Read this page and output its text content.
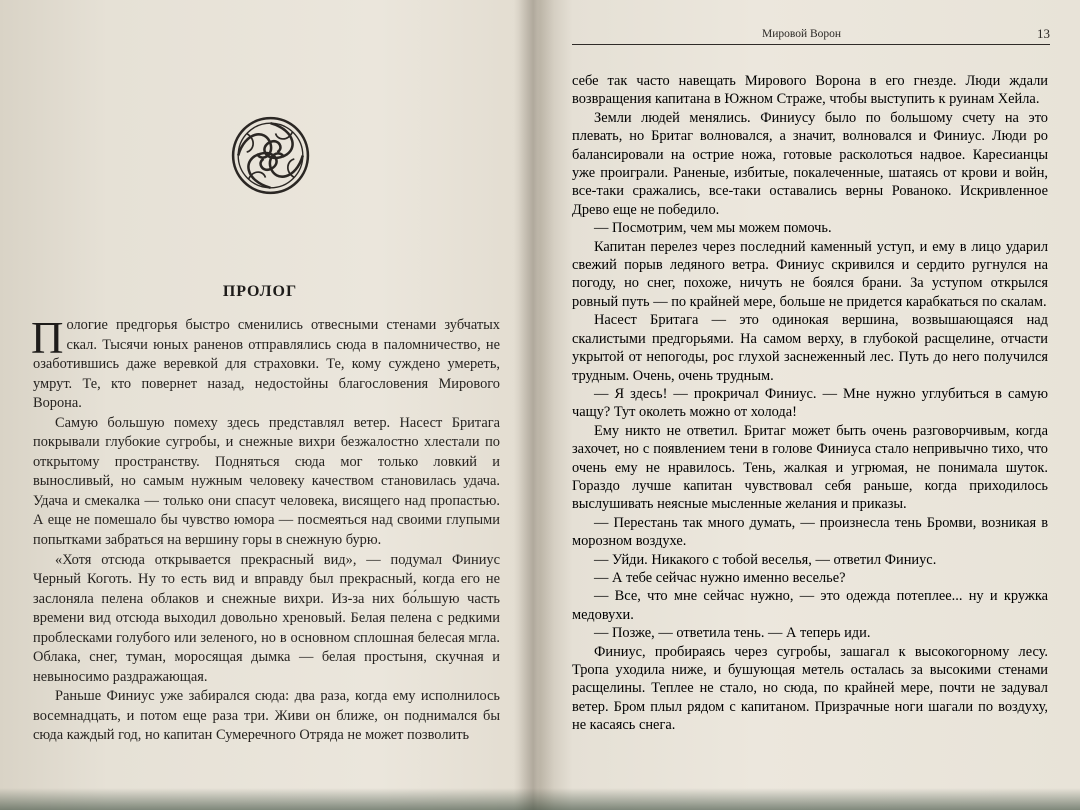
ПРОЛОГ

Пологие предгорья быстро сменились отвесными стенами зубчатых скал. Тысячи юных раненов отправлялись сюда в паломничество, не озаботившись даже веревкой для страховки. Те, кому суждено умереть, умрут. Те, кто повернет назад, недостойны благословения Мирового Ворона.

Самую большую помеху здесь представлял ветер. Насест Бритага покрывали глубокие сугробы, и снежные вихри безжалостно хлестали по открытому пространству. Подняться сюда мог только ловкий и выносливый, но самым нужным человеку качеством становилась удача. Удача и смекалка — только они спасут человека, висящего над пропастью. А еще не помешало бы чувство юмора — посмеяться над своими глупыми попытками забраться на вершину горы в снежную бурю.

«Хотя отсюда открывается прекрасный вид», — подумал Финиус Черный Коготь. Ну то есть вид и вправду был прекрасный, когда его не заслоняла пелена облаков и снежные вихри. Из-за них бо́льшую часть времени вид отсюда выходил довольно хреновый. Белая пелена с редкими проблесками голубого или зеленого, но в основном сплошная белесая мгла. Облака, снег, туман, моросящая дымка — белая простыня, скучная и невыносимо раздражающая.

Раньше Финиус уже забирался сюда: два раза, когда ему исполнилось восемнадцать, и потом еще раза три. Живи он ближе, он поднимался бы сюда каждый год, но капитан Сумеречного Отряда не может позволить

Мировой Ворон	13

себе так часто навещать Мирового Ворона в его гнезде. Люди ждали возвращения капитана в Южном Страже, чтобы выступить к руинам Хейла.

Земли людей менялись. Финиусу было по большому счету на это плевать, но Бритаг волновался, а значит, волновался и Финиус. Люди ро балансировали на острие ножа, готовые расколоться надвое. Каресианцы уже проиграли. Раненые, избитые, покалеченные, шатаясь от крови и войн, все-таки сражались, все-таки оставались верны Рованоко. Искривленное Древо еще не победило.

— Посмотрим, чем мы можем помочь.

Капитан перелез через последний каменный уступ, и ему в лицо ударил свежий порыв ледяного ветра. Финиус скривился и сердито ругнулся на погоду, но снег, похоже, ничуть не боялся брани. За уступом открылся ровный путь — по крайней мере, больше не придется карабкаться по скалам.

Насест Бритага — это одинокая вершина, возвышающаяся над скалистыми предгорьями. На самом верху, в глубокой расщелине, отчасти укрытой от непогоды, рос глухой заснеженный лес. Путь до него получился трудным. Очень, очень трудным.

— Я здесь! — прокричал Финиус. — Мне нужно углубиться в самую чащу? Тут околеть можно от холода!

Ему никто не ответил. Бритаг может быть очень разговорчивым, когда захочет, но с появлением тени в голове Финиуса стало непривычно тихо, что очень ему не нравилось. Тень, жалкая и угрюмая, не понимала шуток. Гораздо лучше капитан чувствовал себя раньше, когда приходилось выслушивать неясные мысленные желания и приказы.

— Перестань так много думать, — произнесла тень Бромви, возникая в морозном воздухе.

— Уйди. Никакого с тобой веселья, — ответил Финиус.

— А тебе сейчас нужно именно веселье?

— Все, что мне сейчас нужно, — это одежда потеплее... ну и кружка медовухи.

— Позже, — ответила тень. — А теперь иди.

Финиус, пробираясь через сугробы, зашагал к высокогорному лесу. Тропа уходила ниже, и бушующая метель осталась за высокими стенами расщелины. Теплее не стало, но сюда, по крайней мере, почти не задувал ветер. Бром плыл рядом с капитаном. Призрачные ноги шагали по воздуху, не касаясь снега.
